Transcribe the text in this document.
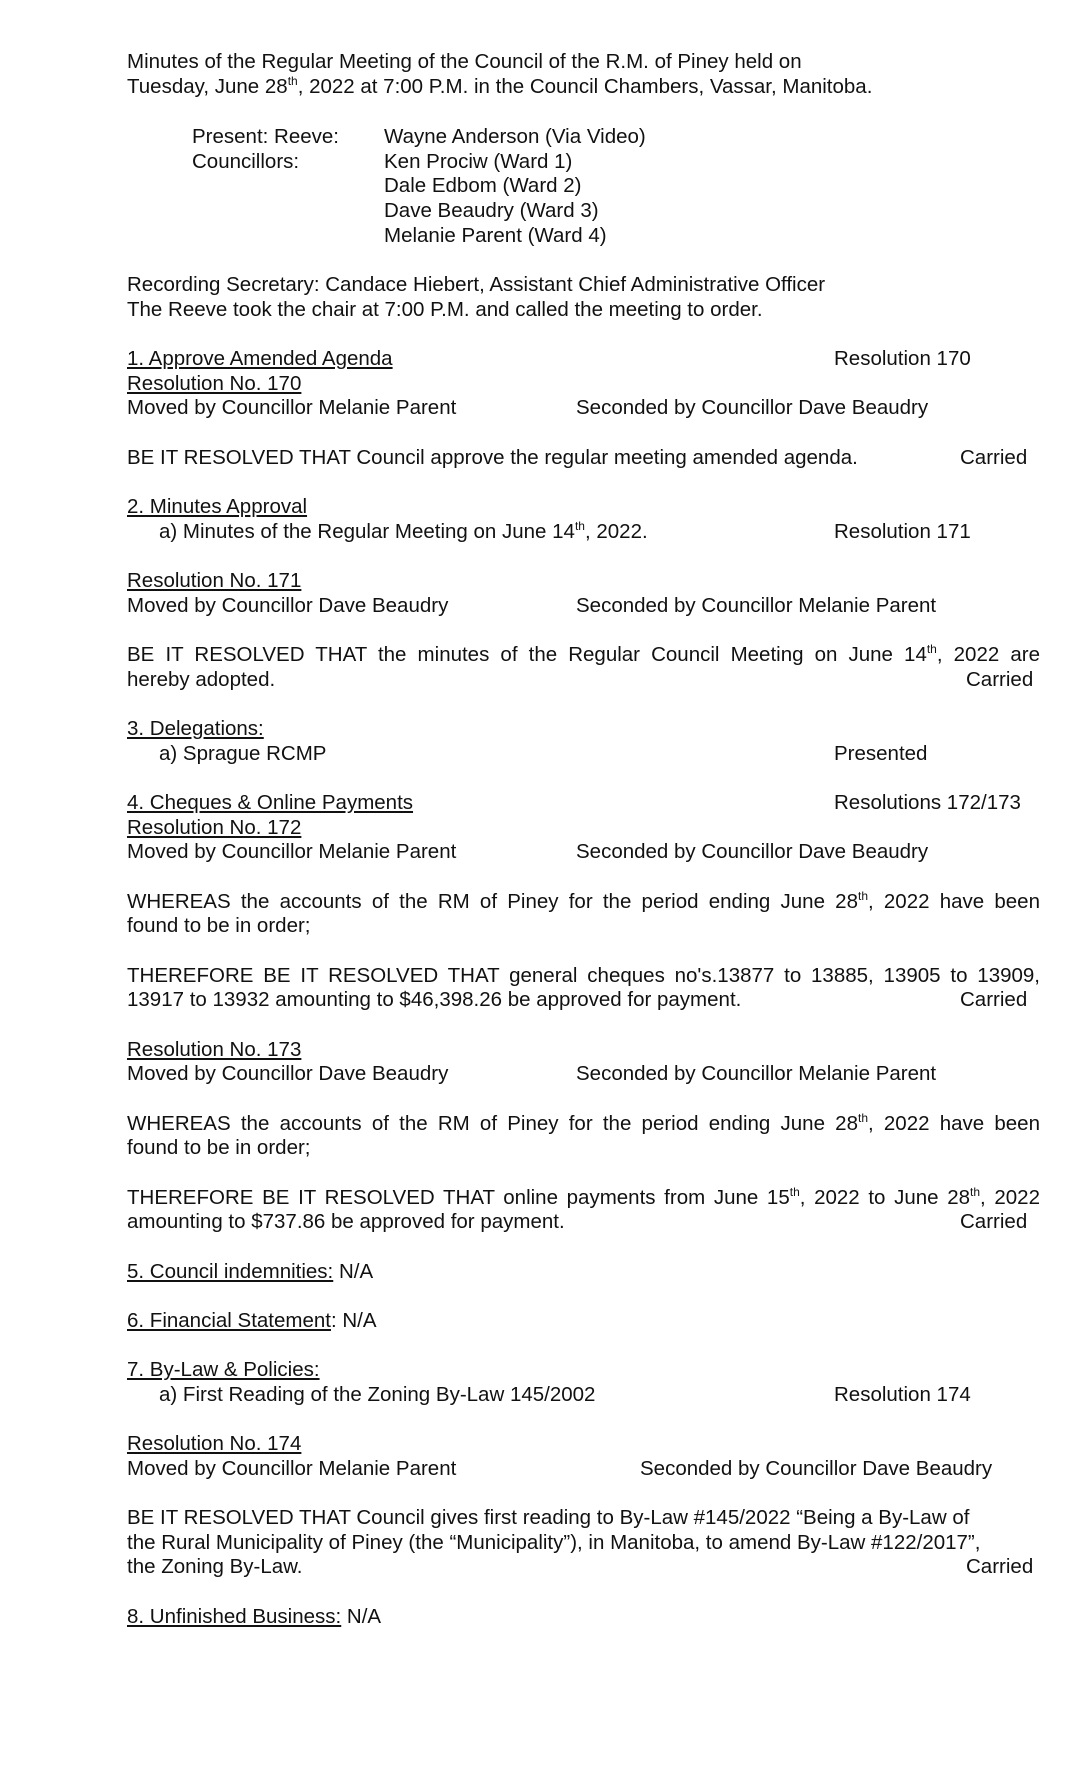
Minutes of the Regular Meeting of the Council of the R.M. of Piney held on
Tuesday, June 28th, 2022 at 7:00 P.M. in the Council Chambers, Vassar, Manitoba.
Present: Reeve: Wayne Anderson (Via Video)
Councillors:	Ken Prociw (Ward 1)
Dale Edbom (Ward 2)
Dave Beaudry (Ward 3)
Melanie Parent (Ward 4)
Recording Secretary: Candace Hiebert, Assistant Chief Administrative Officer
The Reeve took the chair at 7:00 P.M. and called the meeting to order.
1. Approve Amended Agenda	Resolution 170
Resolution No. 170
Moved by Councillor Melanie Parent	Seconded by Councillor Dave Beaudry
BE IT RESOLVED THAT Council approve the regular meeting amended agenda.	Carried
2. Minutes Approval
a) Minutes of the Regular Meeting on June 14th, 2022.	Resolution 171
Resolution No. 171
Moved by Councillor Dave Beaudry	Seconded by Councillor Melanie Parent
BE IT RESOLVED THAT the minutes of the Regular Council Meeting on June 14th, 2022 are
hereby adopted.	Carried
3. Delegations:
a) Sprague RCMP	Presented
4. Cheques & Online Payments	Resolutions 172/173
Resolution No. 172
Moved by Councillor Melanie Parent	Seconded by Councillor Dave Beaudry
WHEREAS the accounts of the RM of Piney for the period ending June 28th, 2022 have been
found to be in order;
THEREFORE BE IT RESOLVED THAT general cheques no's.13877 to 13885, 13905 to 13909,
13917 to 13932 amounting to $46,398.26 be approved for payment.	Carried
Resolution No. 173
Moved by Councillor Dave Beaudry	Seconded by Councillor Melanie Parent
WHEREAS the accounts of the RM of Piney for the period ending June 28th, 2022 have been
found to be in order;
THEREFORE BE IT RESOLVED THAT online payments from June 15th, 2022 to June 28th, 2022
amounting to $737.86 be approved for payment.	Carried
5. Council indemnities: N/A
6. Financial Statement: N/A
7. By-Law & Policies:
a) First Reading of the Zoning By-Law 145/2002	Resolution 174
Resolution No. 174
Moved by Councillor Melanie Parent	Seconded by Councillor Dave Beaudry
BE IT RESOLVED THAT Council gives first reading to By-Law #145/2022 “Being a By-Law of
the Rural Municipality of Piney (the “Municipality”), in Manitoba, to amend By-Law #122/2017”,
the Zoning By-Law.	Carried
8. Unfinished Business: N/A
